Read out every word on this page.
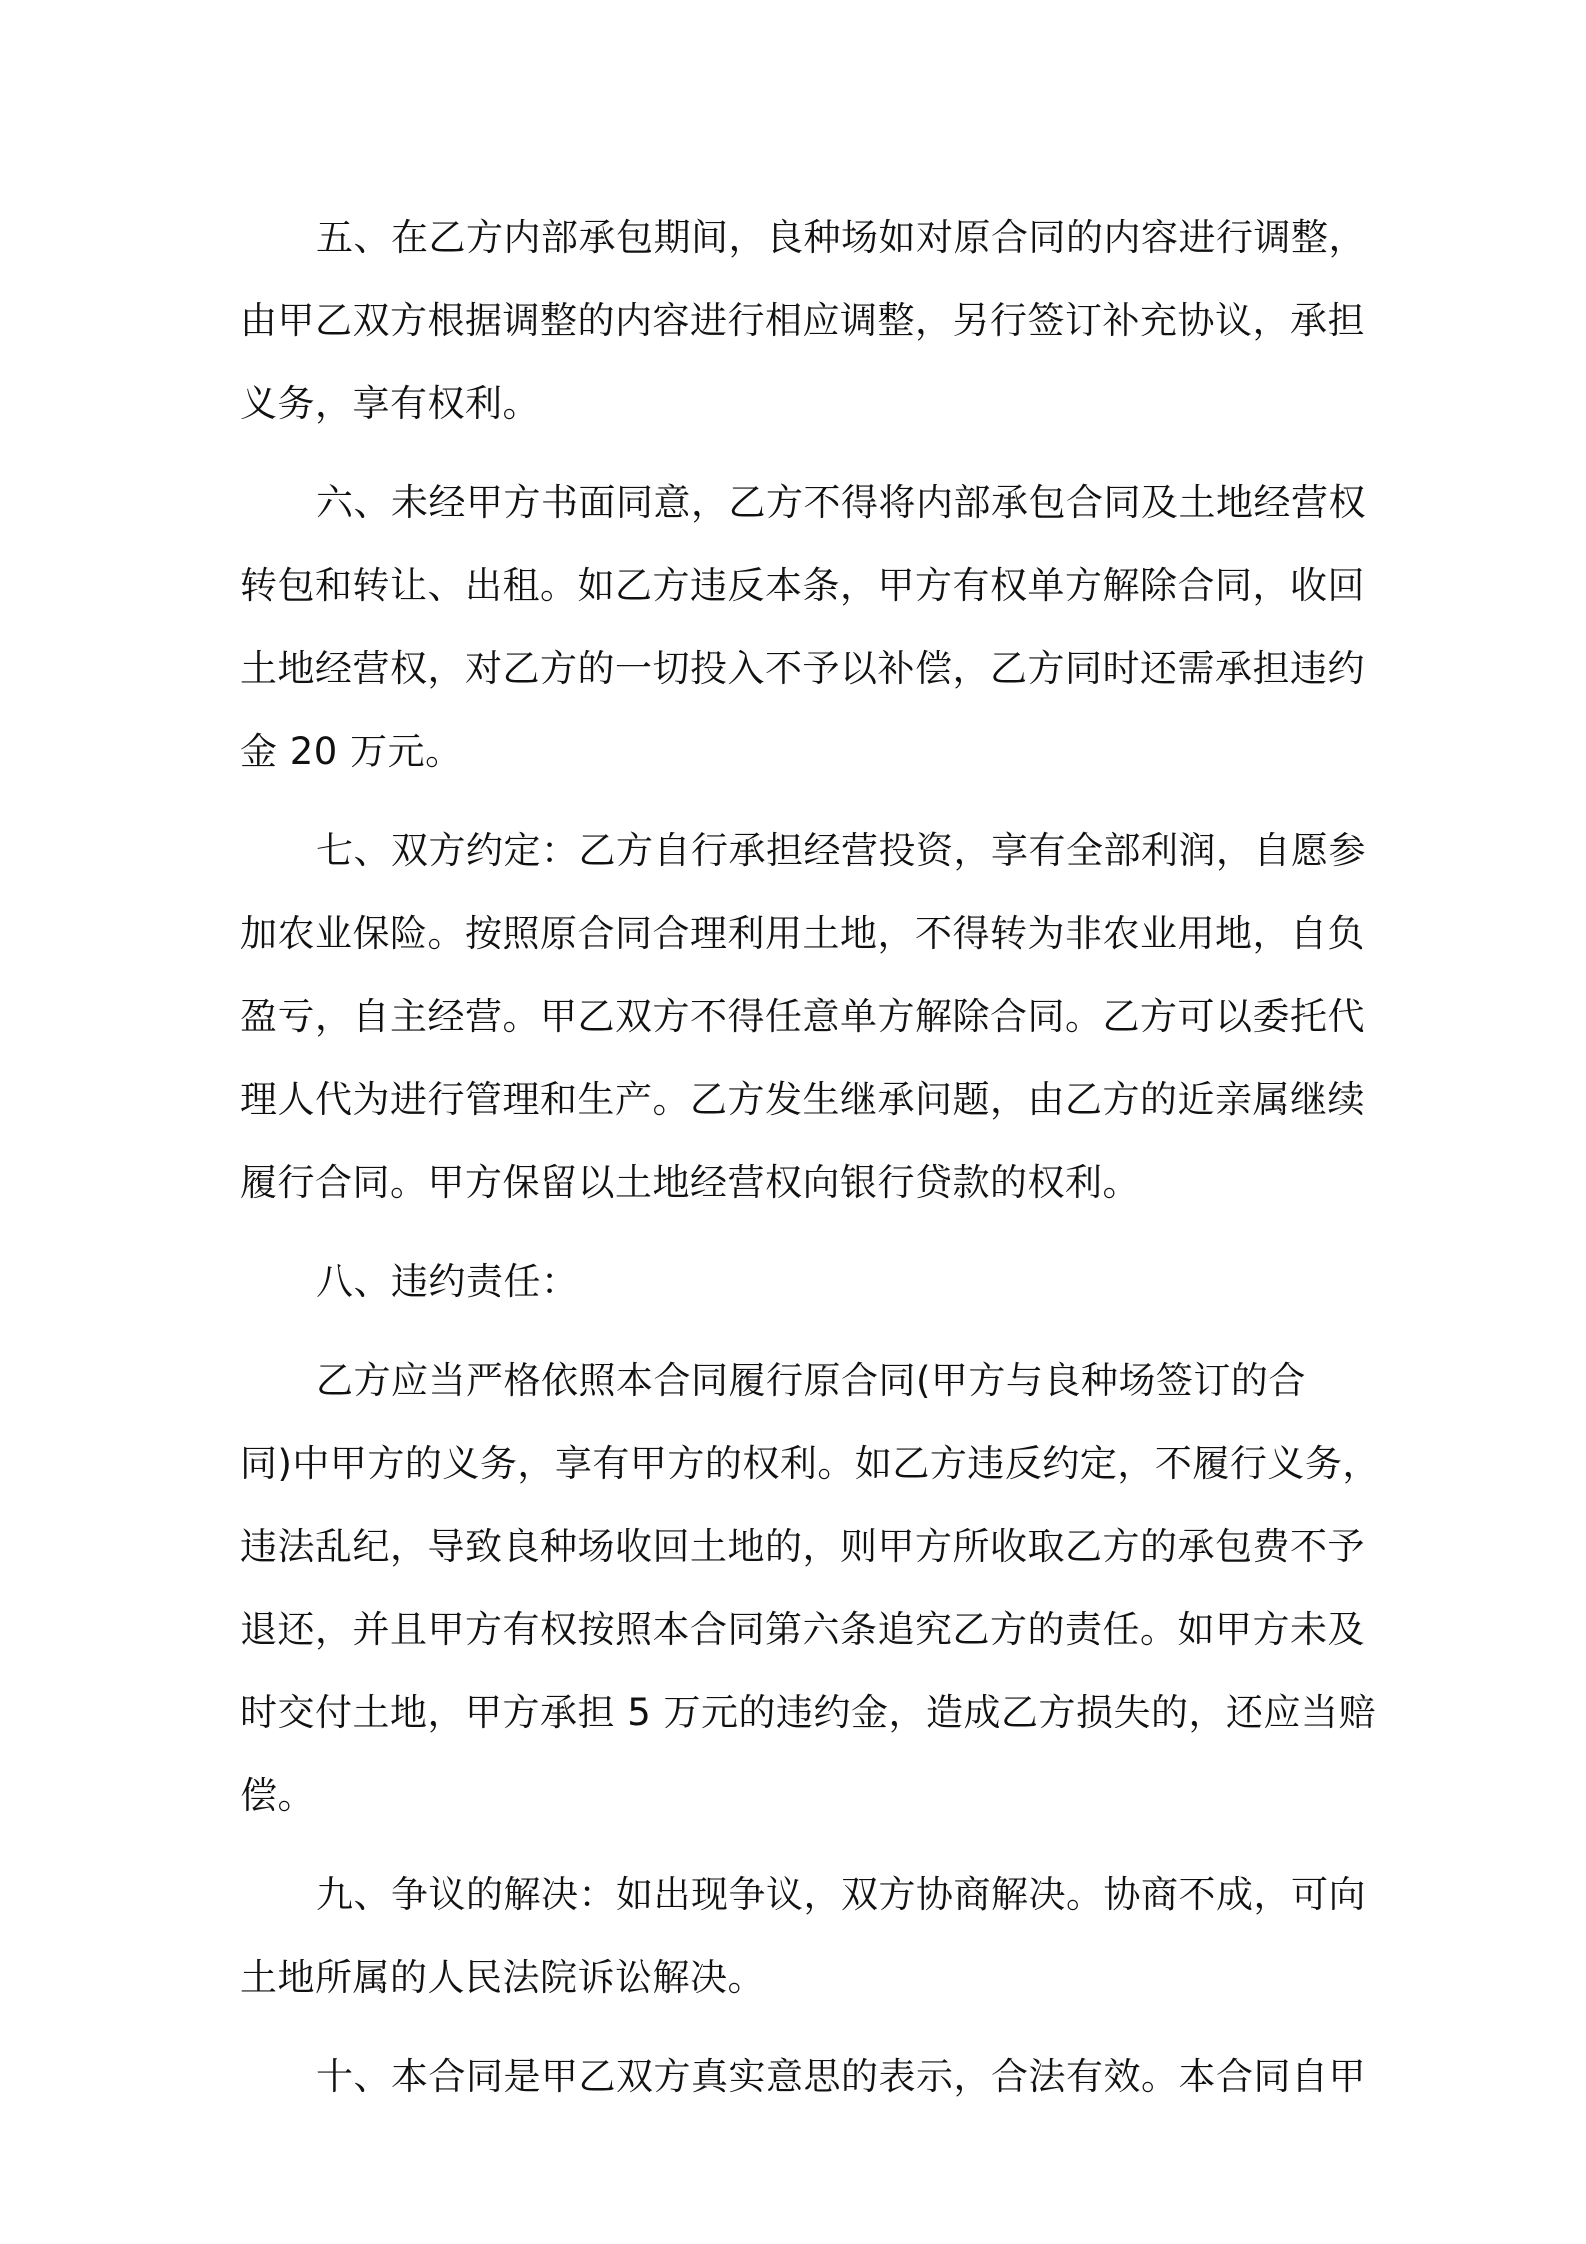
五、在乙方内部承包期间，良种场如对原合同的内容进行调整，
由甲乙双方根据调整的内容进行相应调整，另行签订补充协议，承担
义务，享有权利。

六、未经甲方书面同意，乙方不得将内部承包合同及土地经营权
转包和转让、出租。如乙方违反本条，甲方有权单方解除合同，收回
土地经营权，对乙方的一切投入不予以补偿，乙方同时还需承担违约
金 20 万元。

七、双方约定：乙方自行承担经营投资，享有全部利润，自愿参
加农业保险。按照原合同合理利用土地，不得转为非农业用地，自负
盈亏，自主经营。甲乙双方不得任意单方解除合同。乙方可以委托代
理人代为进行管理和生产。乙方发生继承问题，由乙方的近亲属继续
履行合同。甲方保留以土地经营权向银行贷款的权利。

八、违约责任：

乙方应当严格依照本合同履行原合同(甲方与良种场签订的合
同)中甲方的义务，享有甲方的权利。如乙方违反约定，不履行义务，
违法乱纪，导致良种场收回土地的，则甲方所收取乙方的承包费不予
退还，并且甲方有权按照本合同第六条追究乙方的责任。如甲方未及
时交付土地，甲方承担 5 万元的违约金，造成乙方损失的，还应当赔
偿。

九、争议的解决：如出现争议，双方协商解决。协商不成，可向
土地所属的人民法院诉讼解决。

十、本合同是甲乙双方真实意思的表示，合法有效。本合同自甲
